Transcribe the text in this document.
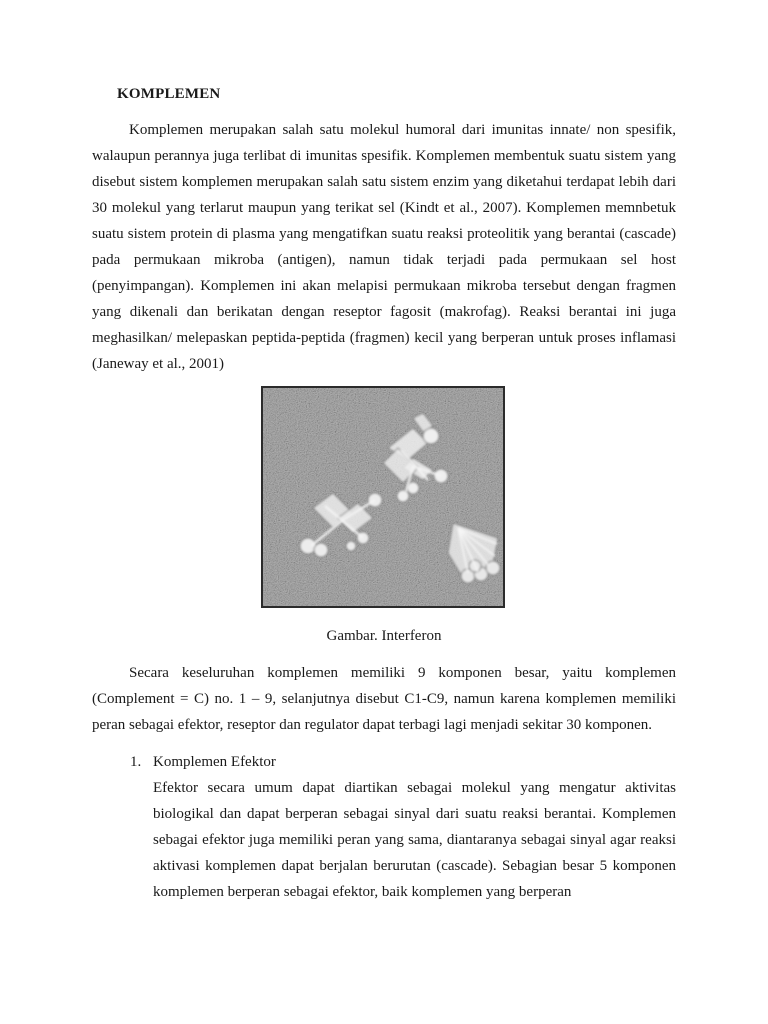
KOMPLEMEN

Komplemen merupakan salah satu molekul humoral dari imunitas innate/ non spesifik, walaupun perannya juga terlibat di imunitas spesifik. Komplemen membentuk suatu sistem yang disebut sistem komplemen merupakan salah satu sistem enzim yang diketahui terdapat lebih dari 30 molekul yang terlarut maupun yang terikat sel (Kindt et al., 2007). Komplemen memnbetuk suatu sistem protein di plasma yang mengatifkan suatu reaksi proteolitik yang berantai (cascade) pada permukaan mikroba (antigen), namun tidak terjadi pada permukaan sel host (penyimpangan). Komplemen ini akan melapisi permukaan mikroba tersebut dengan fragmen yang dikenali dan berikatan dengan reseptor fagosit (makrofag). Reaksi berantai ini juga meghasilkan/ melepaskan peptida-peptida (fragmen) kecil yang berperan untuk proses inflamasi (Janeway et al., 2001)

Gambar. Interferon

Secara keseluruhan komplemen memiliki 9 komponen besar, yaitu komplemen (Complement = C) no. 1 – 9, selanjutnya disebut C1-C9, namun karena komplemen memiliki peran sebagai efektor, reseptor dan regulator dapat terbagi lagi menjadi sekitar 30 komponen.

1. Komplemen Efektor
Efektor secara umum dapat diartikan sebagai molekul yang mengatur aktivitas biologikal dan dapat berperan sebagai sinyal dari suatu reaksi berantai. Komplemen sebagai efektor juga memiliki peran yang sama, diantaranya sebagai sinyal agar reaksi aktivasi komplemen dapat berjalan berurutan (cascade). Sebagian besar 5 komponen komplemen berperan sebagai efektor, baik komplemen yang berperan
